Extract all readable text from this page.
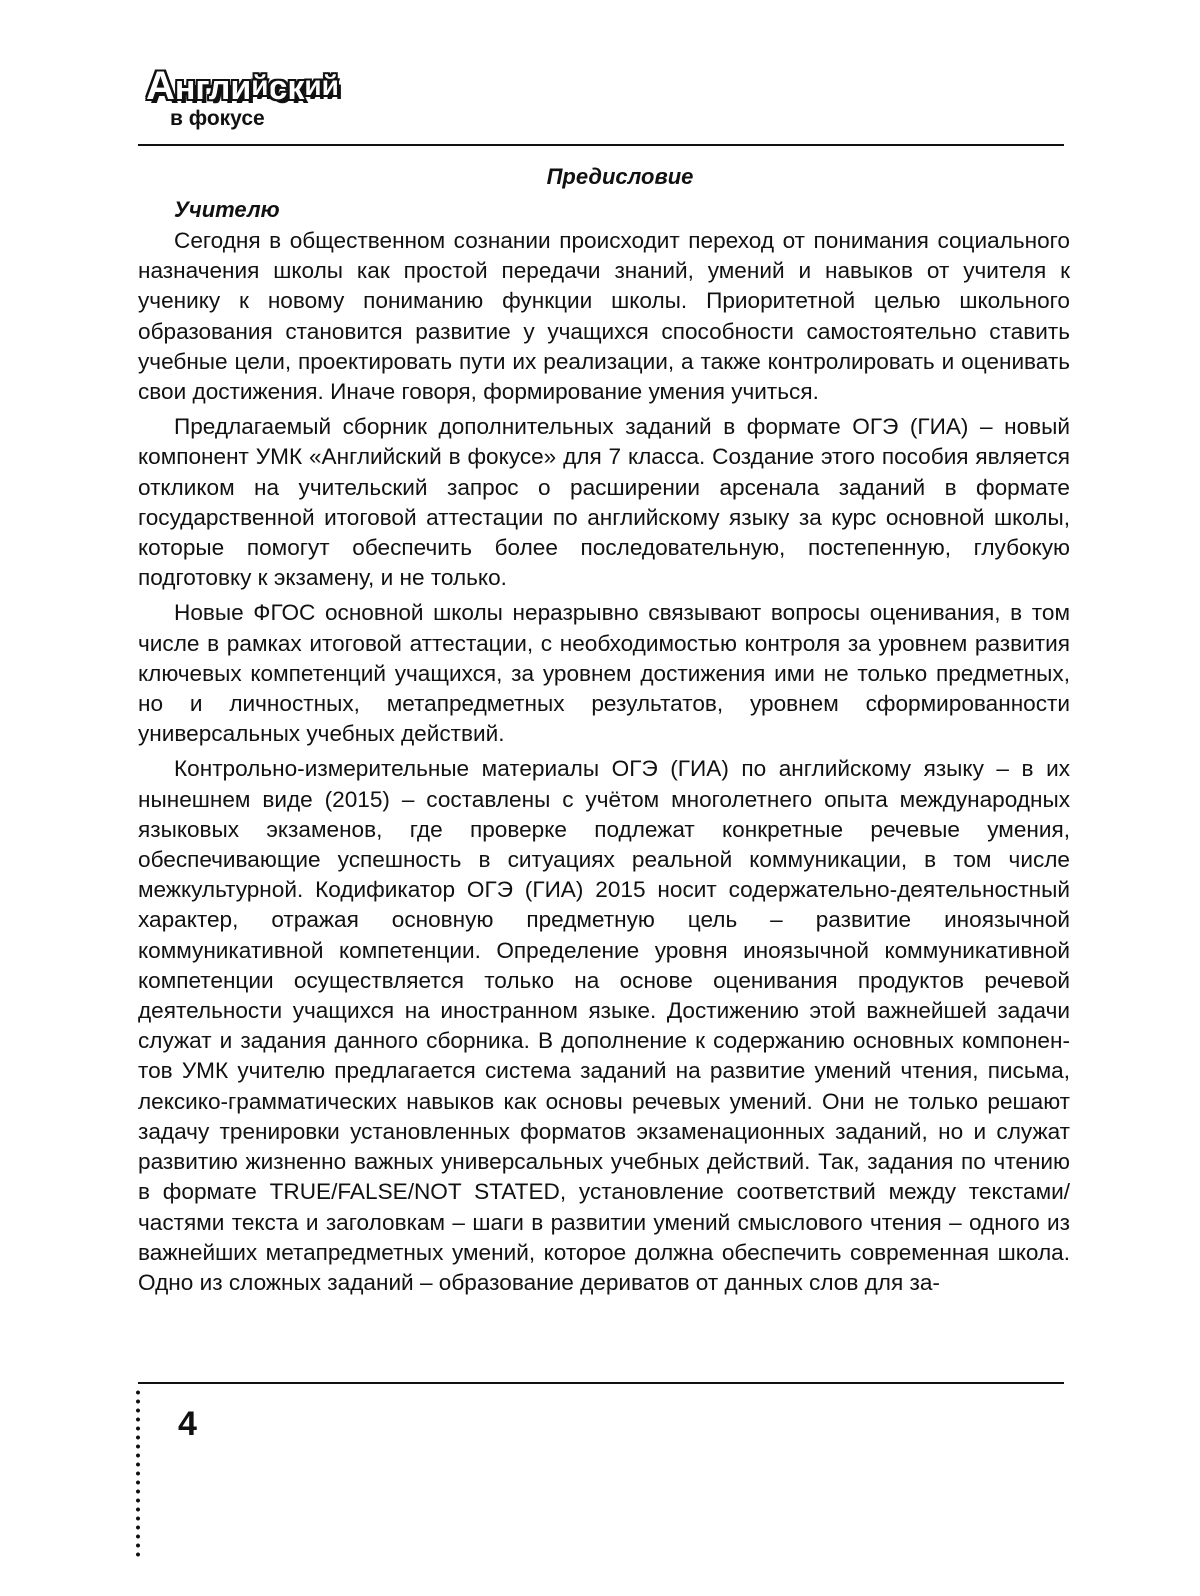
Английский
в фокусе
Предисловие
Учителю

Сегодня в общественном сознании происходит переход от понимания социального назначения школы как простой передачи знаний, умений и навыков от учителя к ученику к новому пониманию функции школы. Приоритетной целью школьного образования становится развитие у учащихся способности самостоятельно ставить учебные цели, проектировать пути их реализации, а также контролировать и оценивать свои достижения. Иначе говоря, формирование умения учиться.

Предлагаемый сборник дополнительных заданий в формате ОГЭ (ГИА) – новый компонент УМК «Английский в фокусе» для 7 класса. Создание этого пособия является откликом на учительский запрос о расширении арсенала заданий в формате государственной итоговой аттестации по английскому языку за курс основной школы, которые помогут обеспечить более последовательную, постепенную, глубокую подготовку к экзамену, и не только.

Новые ФГОС основной школы неразрывно связывают вопросы оценивания, в том числе в рамках итоговой аттестации, с необходимостью контроля за уровнем развития ключевых компетенций учащихся, за уровнем достижения ими не только предметных, но и личностных, метапредметных результатов, уровнем сформированности универсальных учебных действий.

Контрольно-измерительные материалы ОГЭ (ГИА) по английскому языку – в их нынешнем виде (2015) – составлены с учётом многолетнего опыта международных языковых экзаменов, где проверке подлежат конкретные речевые умения, обеспечивающие успешность в ситуациях реальной коммуникации, в том числе межкультурной. Кодификатор ОГЭ (ГИА) 2015 носит содержательно-деятельностный характер, отражая основную предметную цель – развитие иноязычной коммуникативной компетенции. Определение уровня иноязычной коммуникативной компетенции осуществляется только на основе оценивания продуктов речевой деятельности учащихся на иностранном языке. Достижению этой важнейшей задачи служат и задания данного сборника. В дополнение к содержанию основных компонентов УМК учителю предлагается система заданий на развитие умений чтения, письма, лексико-грамматических навыков как основы речевых умений. Они не только решают задачу тренировки установленных форматов экзаменационных заданий, но и служат развитию жизненно важных универсальных учебных действий. Так, задания по чтению в формате TRUE/FALSE/NOT STATED, установление соответствий между текстами/частями текста и заголовкам – шаги в развитии умений смыслового чтения – одного из важнейших метапредметных умений, которое должна обеспечить современная школа. Одно из сложных заданий – образование дериватов от данных слов для за-

4
